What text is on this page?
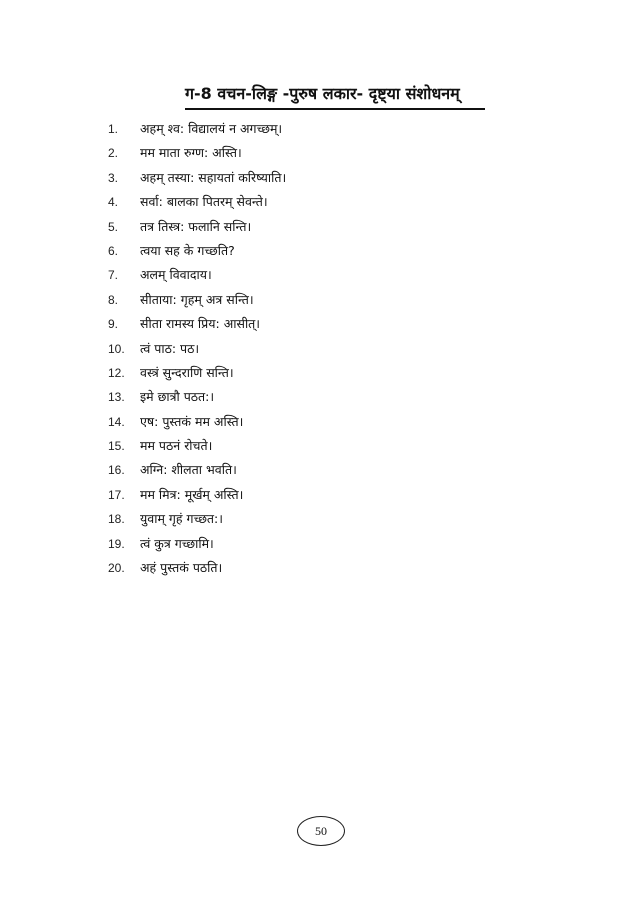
ग-8 वचन-लिङ्ग -पुरुष लकार- दृष्ट्या संशोधनम्
1.	अहम् श्व: विद्यालयं न अगच्छम्।
2.	मम माता रुग्ण: अस्ति।
3.	अहम् तस्या: सहायतां करिष्याति।
4.	सर्वा: बालका पितरम् सेवन्ते।
5.	तत्र तिस्त्र: फलानि सन्ति।
6.	त्वया सह के गच्छति?
7.	अलम् विवादाय।
8.	सीताया: गृहम् अत्र सन्ति।
9.	सीता रामस्य प्रिय: आसीत्।
10.	त्वं पाठ: पठ।
12.	वस्त्रं सुन्दराणि सन्ति।
13.	इमे छात्रौ पठत:।
14.	एष: पुस्तकं मम अस्ति।
15.	मम पठनं रोचते।
16.	अग्नि: शीलता भवति।
17.	मम मित्र: मूर्खम् अस्ति।
18.	युवाम् गृहं गच्छत:।
19.	त्वं कुत्र गच्छामि।
20.	अहं पुस्तकं पठति।
50
